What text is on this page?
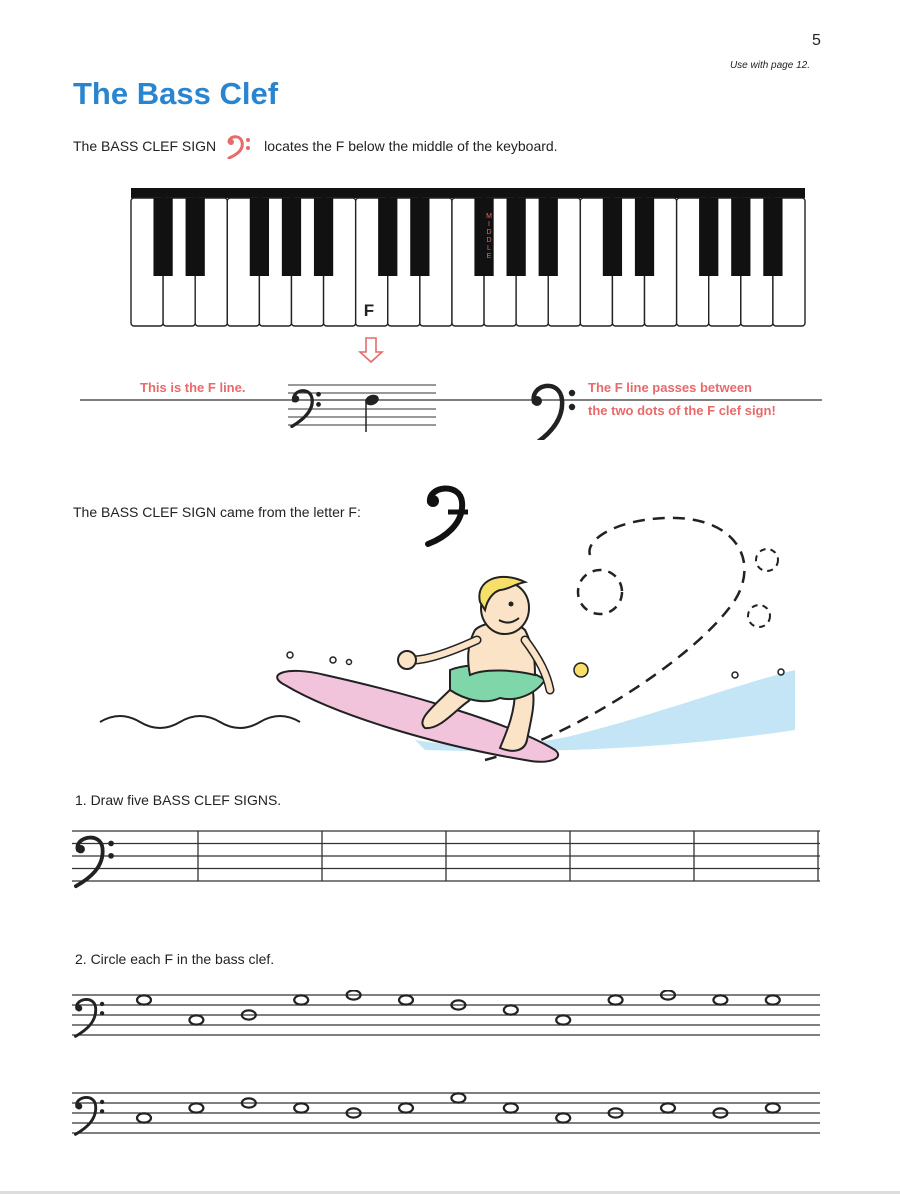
5
Use with page 12.
The Bass Clef
The BASS CLEF SIGN	locates the F below the middle of the keyboard.
F
M I D D L E
This is the F line.	The F line passes between
the two dots of the F clef sign!
The BASS CLEF SIGN came from the letter F:
1. Draw five BASS CLEF SIGNS.
2. Circle each F in the bass clef.
